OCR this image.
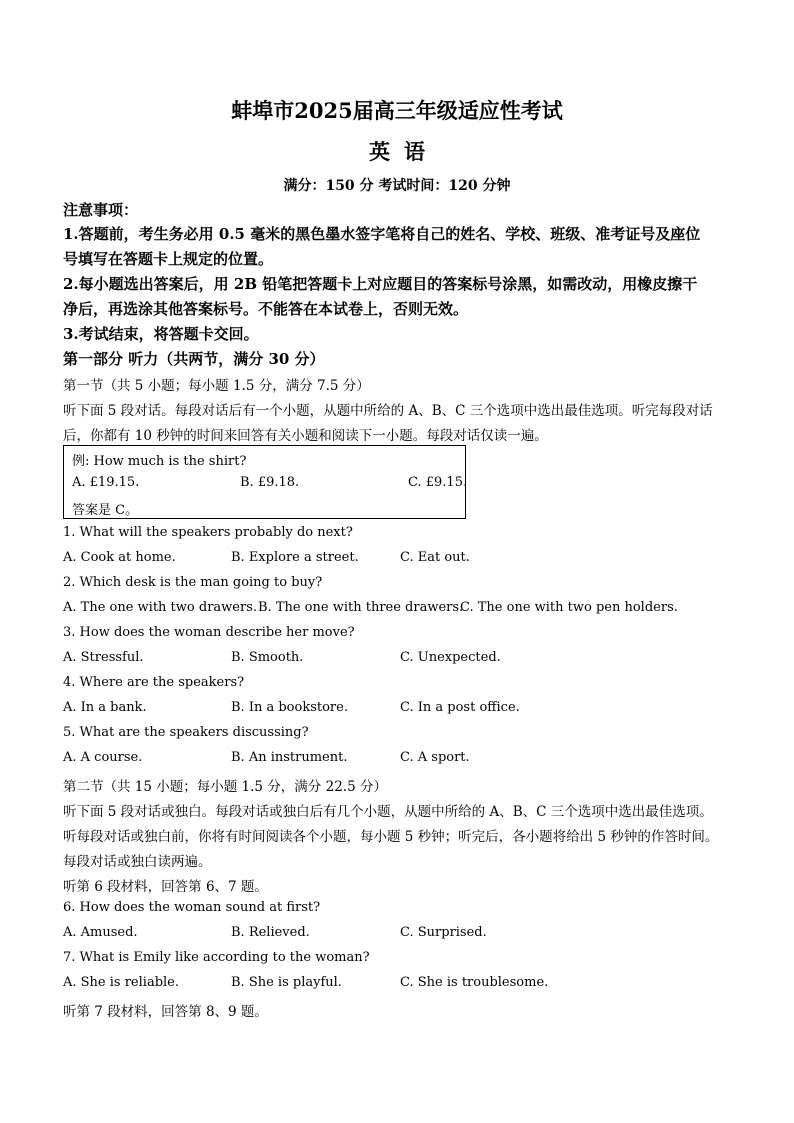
蚌埠市2025届高三年级适应性考试
英语
满分：150 分 考试时间：120 分钟
注意事项：
1.答题前，考生务必用 0.5 毫米的黑色墨水签字笔将自己的姓名、学校、班级、准考证号及座位
号填写在答题卡上规定的位置。
2.每小题选出答案后，用 2B 铅笔把答题卡上对应题目的答案标号涂黑，如需改动，用橡皮擦干
净后，再选涂其他答案标号。不能答在本试卷上，否则无效。
3.考试结束，将答题卡交回。
第一部分 听力（共两节，满分 30 分）
第一节（共 5 小题；每小题 1.5 分，满分 7.5 分）
听下面 5 段对话。每段对话后有一个小题，从题中所给的 A、B、C 三个选项中选出最佳选项。听完每段对话
后，你都有 10 秒钟的时间来回答有关小题和阅读下一小题。每段对话仅读一遍。
例: How much is the shirt?
A. £19.15.	B. £9.18.	C. £9.15.
答案是 C。
1. What will the speakers probably do next?
A. Cook at home.	B. Explore a street.	C. Eat out.
2. Which desk is the man going to buy?
A. The one with two drawers. B. The one with three drawers.
C. The one with two pen holders.
3. How does the woman describe her move?
A. Stressful.	B. Smooth.	C. Unexpected.
4. Where are the speakers?
A. In a bank.	B. In a bookstore.	C. In a post office.
5. What are the speakers discussing?
A. A course.	B. An instrument.	C. A sport.
第二节（共 15 小题；每小题 1.5 分，满分 22.5 分）
听下面 5 段对话或独白。每段对话或独白后有几个小题，从题中所给的 A、B、C 三个选项中选出最佳选项。
听每段对话或独白前，你将有时间阅读各个小题，每小题 5 秒钟；听完后，各小题将给出 5 秒钟的作答时间。
每段对话或独白读两遍。
听第 6 段材料，回答第 6、7 题。
6. How does the woman sound at first?
A. Amused.	B. Relieved.	C. Surprised.
7. What is Emily like according to the woman?
A. She is reliable.	B. She is playful.	C. She is troublesome.
听第 7 段材料，回答第 8、9 题。
